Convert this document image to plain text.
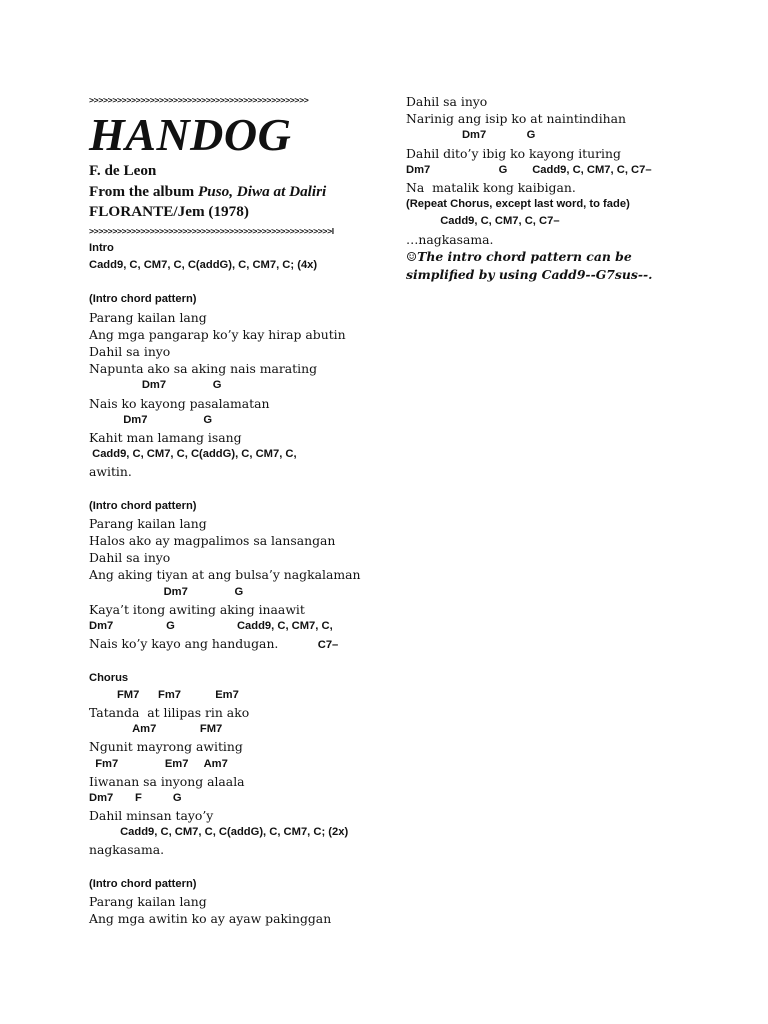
>>>>>>>>>>>>>>>>>>>>>>>>>>>>>>>>>>>>>>>>>>>>>>>
HANDOG
F. de Leon
From the album Puso, Diwa at Daliri
FLORANTE/Jem (1978)
>>>>>>>>>>>>>>>>>>>>>>>>>>>>>>>>>>>>>>>>>>>>>>>>>>>>l
Intro
Cadd9, C, CM7, C, C(addG), C, CM7, C; (4x)
(Intro chord pattern)
Parang kailan lang
Ang mga pangarap ko’y kay hirap abutin
Dahil sa inyo
Napunta ako sa aking nais marating
Dm7               G
Nais ko kayong pasalamatan
Dm7                  G
Kahit man lamang isang
Cadd9, C, CM7, C, C(addG), C, CM7, C,
awitin.
(Intro chord pattern)
Parang kailan lang
Halos ako ay magpalimos sa lansangan
Dahil sa inyo
Ang aking tiyan at ang bulsa’y nagkalaman
Dm7               G
Kaya’t itong awiting aking inaawit
Dm7                 G                    Cadd9, C, CM7, C,
Nais ko’y kayo ang handugan.          C7–
Chorus
FM7      Fm7           Em7
Tatanda  at lilipas rin ako
Am7              FM7
Ngunit mayrong awiting
Fm7               Em7     Am7
Iiwanan sa inyong alaala
Dm7       F          G
Dahil minsan tayo’y
Cadd9, C, CM7, C, C(addG), C, CM7, C; (2x)
nagkasama.
(Intro chord pattern)
Parang kailan lang
Ang mga awitin ko ay ayaw pakinggan
Dahil sa inyo
Narinig ang isip ko at naintindihan
Dm7             G
Dahil dito’y ibig ko kayong ituring
Dm7                      G        Cadd9, C, CM7, C, C7–
Na  matalik kong kaibigan.
(Repeat Chorus, except last word, to fade)
Cadd9, C, CM7, C, C7–
…nagkasama.
☺The intro chord pattern can be
simplified by using Cadd9--G7sus--.
